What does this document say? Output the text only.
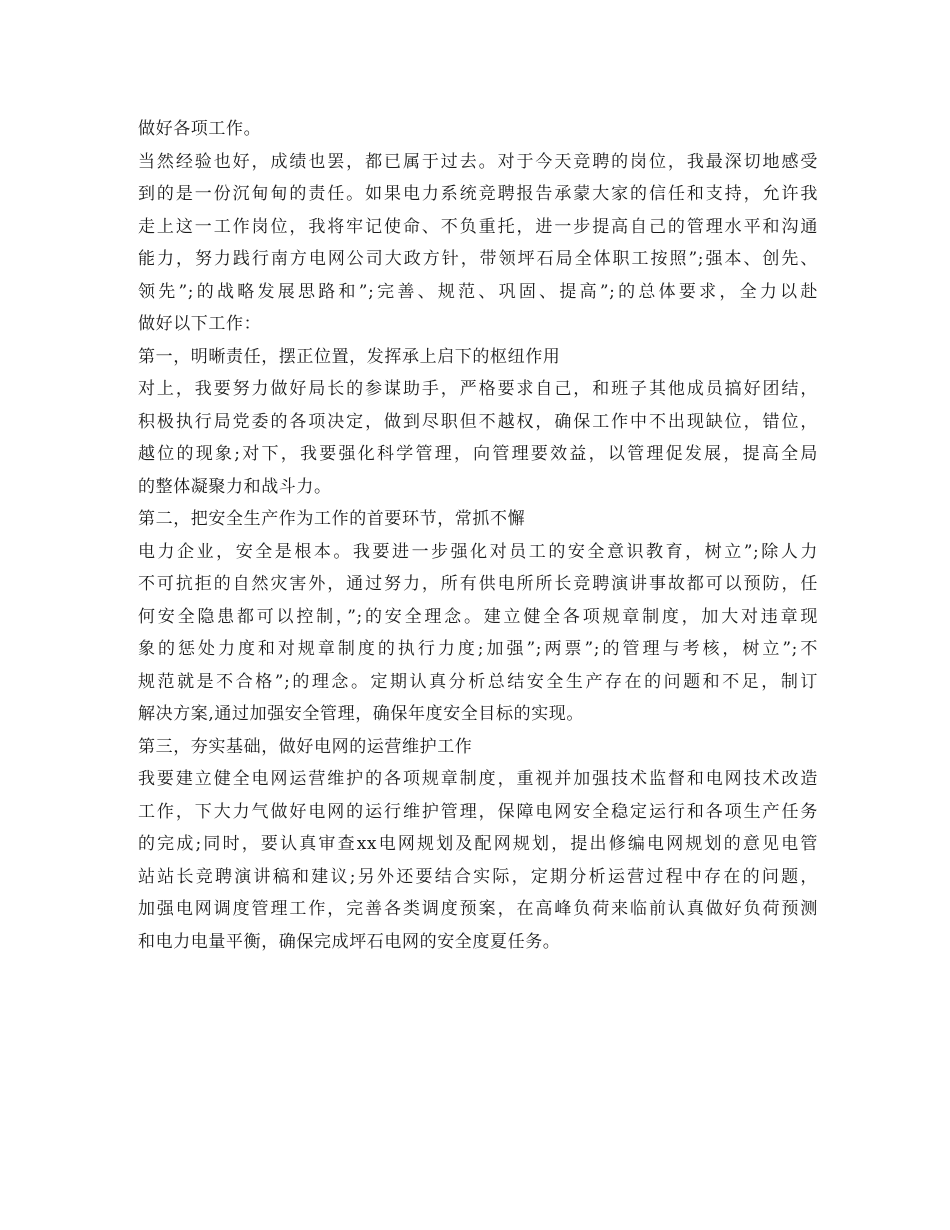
做好各项工作。
当然经验也好，成绩也罢，都已属于过去。对于今天竞聘的岗位，我最深切地感受
到的是一份沉甸甸的责任。如果电力系统竞聘报告承蒙大家的信任和支持，允许我
走上这一工作岗位，我将牢记使命、不负重托，进一步提高自己的管理水平和沟通
能力，努力践行南方电网公司大政方针，带领坪石局全体职工按照”;强本、创先、
领先”;的战略发展思路和”;完善、规范、巩固、提高”;的总体要求，全力以赴
做好以下工作：
第一，明晰责任，摆正位置，发挥承上启下的枢纽作用
对上，我要努力做好局长的参谋助手，严格要求自己，和班子其他成员搞好团结，
积极执行局党委的各项决定，做到尽职但不越权，确保工作中不出现缺位，错位，
越位的现象;对下，我要强化科学管理，向管理要效益，以管理促发展，提高全局
的整体凝聚力和战斗力。
第二，把安全生产作为工作的首要环节，常抓不懈
电力企业，安全是根本。我要进一步强化对员工的安全意识教育，树立”;除人力
不可抗拒的自然灾害外，通过努力，所有供电所所长竞聘演讲事故都可以预防，任
何安全隐患都可以控制，”;的安全理念。建立健全各项规章制度，加大对违章现
象的惩处力度和对规章制度的执行力度;加强”;两票”;的管理与考核，树立”;不
规范就是不合格”;的理念。定期认真分析总结安全生产存在的问题和不足，制订
解决方案,通过加强安全管理，确保年度安全目标的实现。
第三，夯实基础，做好电网的运营维护工作
我要建立健全电网运营维护的各项规章制度，重视并加强技术监督和电网技术改造
工作，下大力气做好电网的运行维护管理，保障电网安全稳定运行和各项生产任务
的完成;同时，要认真审查xx电网规划及配网规划，提出修编电网规划的意见电管
站站长竞聘演讲稿和建议;另外还要结合实际，定期分析运营过程中存在的问题，
加强电网调度管理工作，完善各类调度预案，在高峰负荷来临前认真做好负荷预测
和电力电量平衡，确保完成坪石电网的安全度夏任务。
